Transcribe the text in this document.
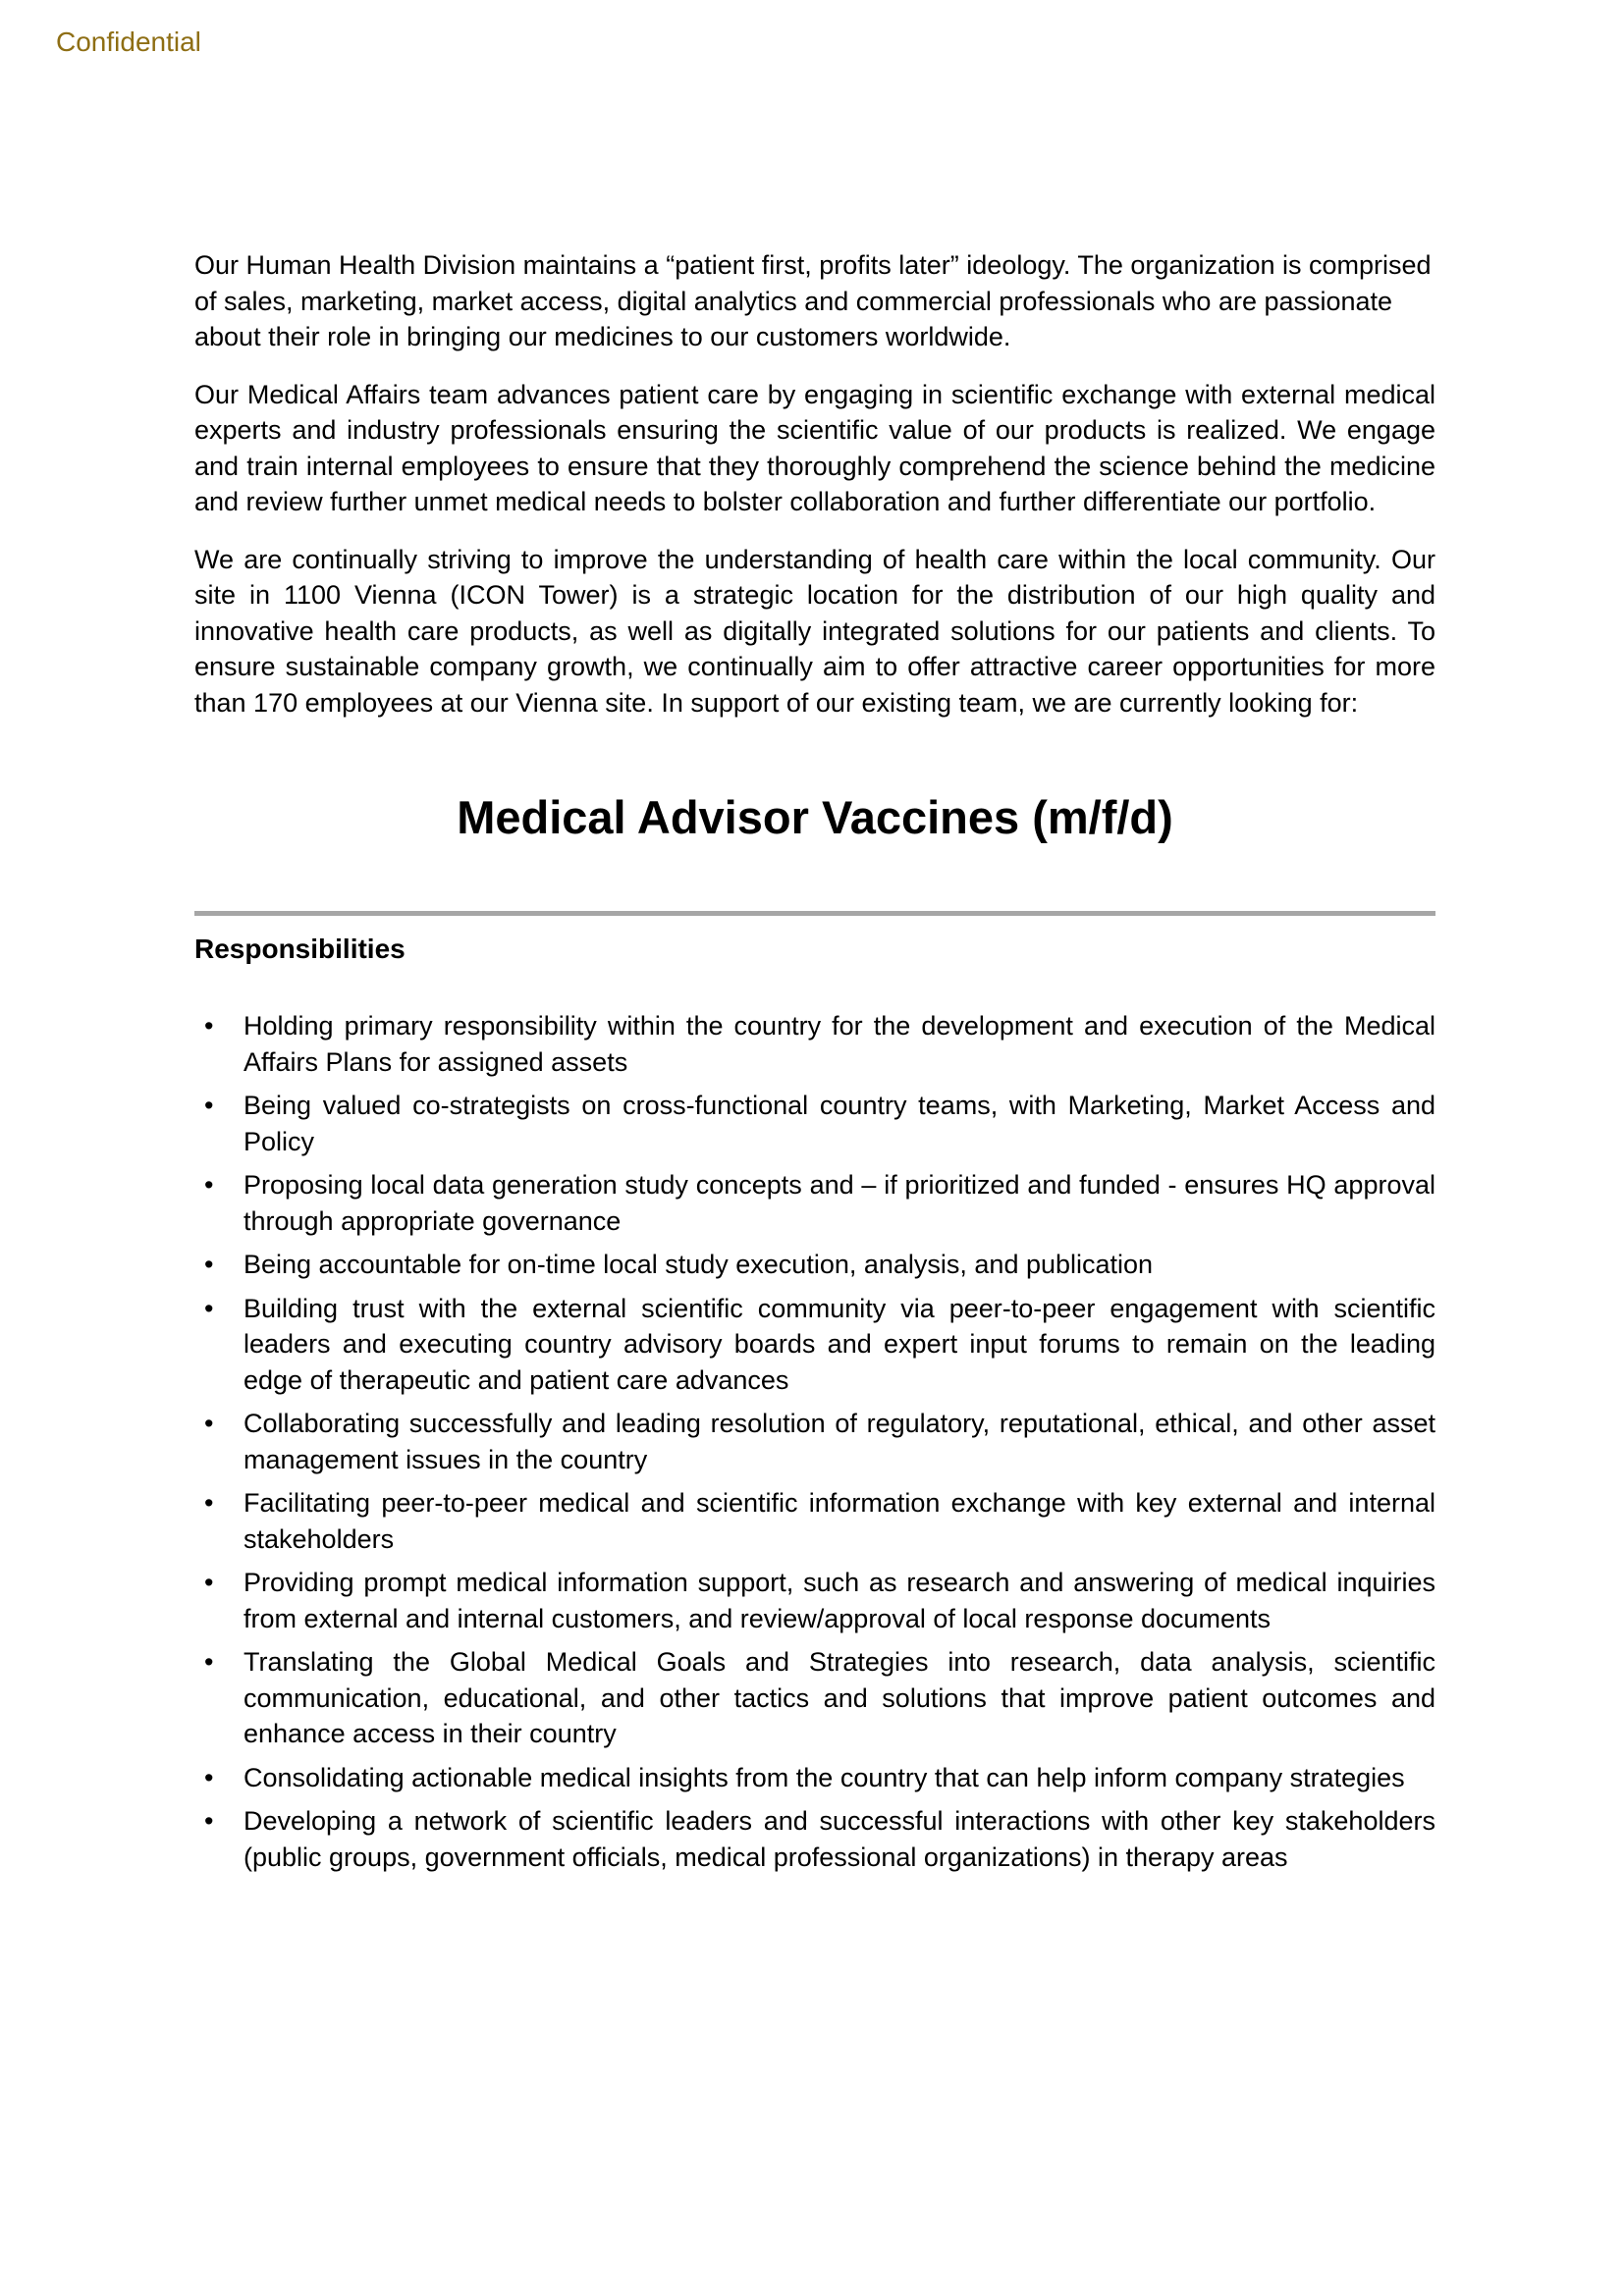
Confidential

Our Human Health Division maintains a “patient first, profits later” ideology. The organization is comprised of sales, marketing, market access, digital analytics and commercial professionals who are passionate about their role in bringing our medicines to our customers worldwide.

Our Medical Affairs team advances patient care by engaging in scientific exchange with external medical experts and industry professionals ensuring the scientific value of our products is realized. We engage and train internal employees to ensure that they thoroughly comprehend the science behind the medicine and review further unmet medical needs to bolster collaboration and further differentiate our portfolio.

We are continually striving to improve the understanding of health care within the local community. Our site in 1100 Vienna (ICON Tower) is a strategic location for the distribution of our high quality and innovative health care products, as well as digitally integrated solutions for our patients and clients. To ensure sustainable company growth, we continually aim to offer attractive career opportunities for more than 170 employees at our Vienna site. In support of our existing team, we are currently looking for:

Medical Advisor Vaccines (m/f/d)
Responsibilities
• Holding primary responsibility within the country for the development and execution of the Medical Affairs Plans for assigned assets
• Being valued co-strategists on cross-functional country teams, with Marketing, Market Access and Policy
• Proposing local data generation study concepts and – if prioritized and funded - ensures HQ approval through appropriate governance
• Being accountable for on-time local study execution, analysis, and publication
• Building trust with the external scientific community via peer-to-peer engagement with scientific leaders and executing country advisory boards and expert input forums to remain on the leading edge of therapeutic and patient care advances
• Collaborating successfully and leading resolution of regulatory, reputational, ethical, and other asset management issues in the country
• Facilitating peer-to-peer medical and scientific information exchange with key external and internal stakeholders
• Providing prompt medical information support, such as research and answering of medical inquiries from external and internal customers, and review/approval of local response documents
• Translating the Global Medical Goals and Strategies into research, data analysis, scientific communication, educational, and other tactics and solutions that improve patient outcomes and enhance access in their country
• Consolidating actionable medical insights from the country that can help inform company strategies
• Developing a network of scientific leaders and successful interactions with other key stakeholders (public groups, government officials, medical professional organizations) in therapy areas
